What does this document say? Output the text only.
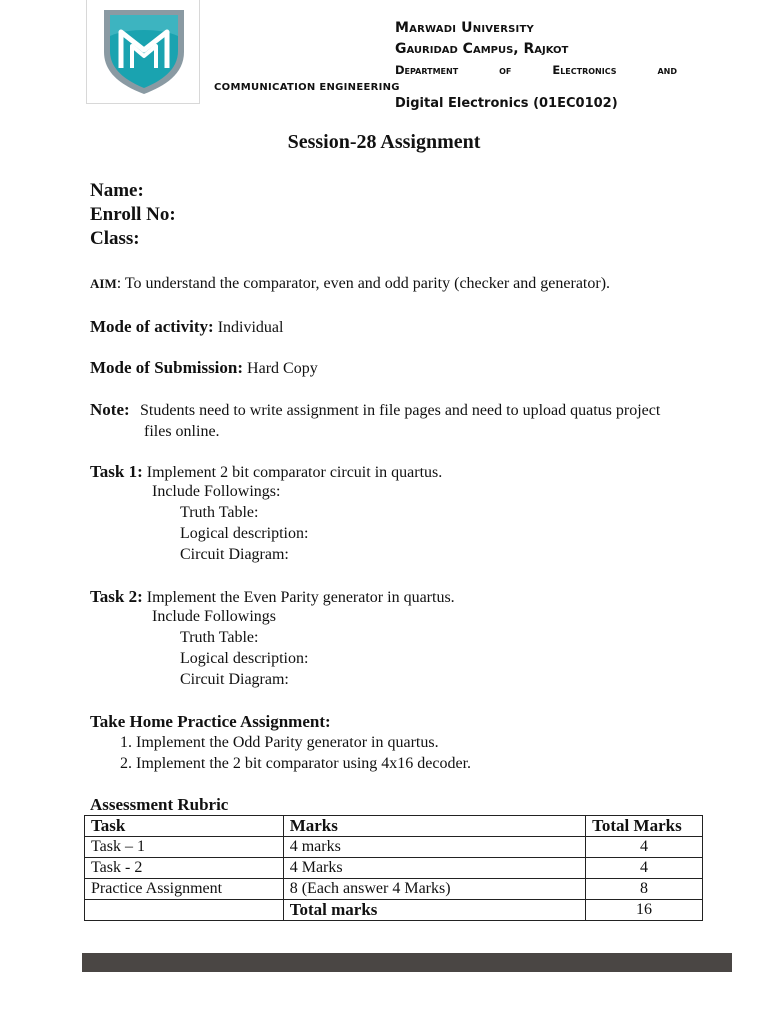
Marwadi University
Gauridad Campus, Rajkot
Department	of	Electronics	and
COMMUNICATION ENGINEERING
Digital Electronics (01EC0102)
Session-28 Assignment
Name:
Enroll No:
Class:
AIM: To understand the comparator, even and odd parity (checker and generator).
Mode of activity: Individual
Mode of Submission: Hard Copy
Note: Students need to write assignment in file pages and need to upload quatus project
files online.
Task 1: Implement 2 bit comparator circuit in quartus.
Include Followings:
Truth Table:
Logical description:
Circuit Diagram:
Task 2: Implement the Even Parity generator in quartus.
Include Followings
Truth Table:
Logical description:
Circuit Diagram:
Take Home Practice Assignment:
1. Implement the Odd Parity generator in quartus.
2. Implement the 2 bit comparator using 4x16 decoder.
Assessment Rubric
Task	Marks	Total Marks
Task – 1	4 marks	4
Task - 2	4 Marks	4
Practice Assignment	8 (Each answer 4 Marks)	8
	Total marks	16
